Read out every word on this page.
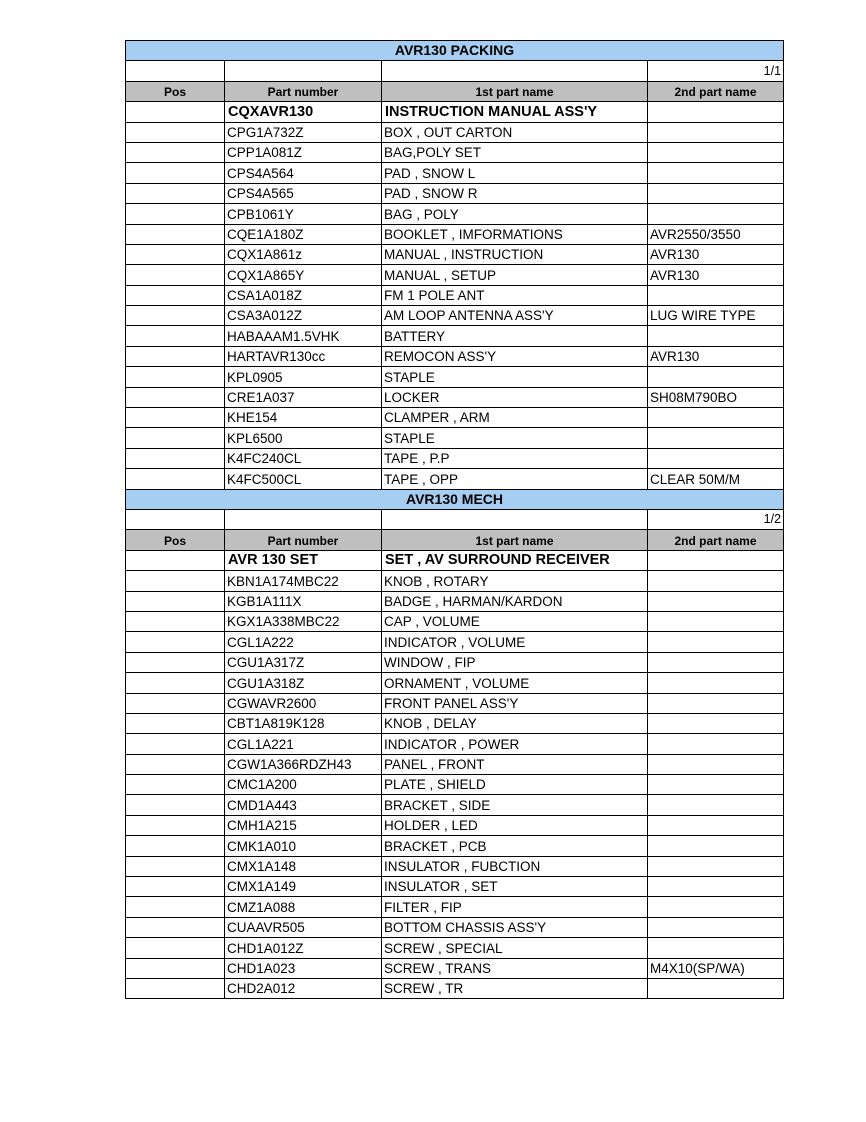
AVR130 PACKING			
			1/1
Pos	Part number	1st part name	2nd part name
	CQXAVR130	INSTRUCTION MANUAL ASS'Y	
	CPG1A732Z	BOX , OUT CARTON	
	CPP1A081Z	BAG,POLY SET	
	CPS4A564	PAD , SNOW L	
	CPS4A565	PAD , SNOW R	
	CPB1061Y	BAG , POLY	
	CQE1A180Z	BOOKLET , IMFORMATIONS	AVR2550/3550
	CQX1A861z	MANUAL , INSTRUCTION	AVR130
	CQX1A865Y	MANUAL , SETUP	AVR130
	CSA1A018Z	FM 1 POLE ANT	
	CSA3A012Z	AM LOOP ANTENNA ASS'Y	LUG WIRE TYPE
	HABAAAM1.5VHK	BATTERY	
	HARTAVR130cc	REMOCON ASS'Y	AVR130
	KPL0905	STAPLE	
	CRE1A037	LOCKER	SH08M790BO
	KHE154	CLAMPER , ARM	
	KPL6500	STAPLE	
	K4FC240CL	TAPE , P.P	
	K4FC500CL	TAPE , OPP	CLEAR 50M/M
AVR130 MECH			
			1/2
Pos	Part number	1st part name	2nd part name
	AVR 130 SET	SET , AV SURROUND RECEIVER	
	KBN1A174MBC22	KNOB , ROTARY	
	KGB1A111X	BADGE , HARMAN/KARDON	
	KGX1A338MBC22	CAP , VOLUME	
	CGL1A222	INDICATOR , VOLUME	
	CGU1A317Z	WINDOW , FIP	
	CGU1A318Z	ORNAMENT , VOLUME	
	CGWAVR2600	FRONT PANEL ASS'Y	
	CBT1A819K128	KNOB , DELAY	
	CGL1A221	INDICATOR , POWER	
	CGW1A366RDZH43	PANEL , FRONT	
	CMC1A200	PLATE , SHIELD	
	CMD1A443	BRACKET , SIDE	
	CMH1A215	HOLDER , LED	
	CMK1A010	BRACKET , PCB	
	CMX1A148	INSULATOR , FUBCTION	
	CMX1A149	INSULATOR , SET	
	CMZ1A088	FILTER , FIP	
	CUAAVR505	BOTTOM CHASSIS ASS'Y	
	CHD1A012Z	SCREW , SPECIAL	
	CHD1A023	SCREW , TRANS	M4X10(SP/WA)
	CHD2A012	SCREW , TR	
